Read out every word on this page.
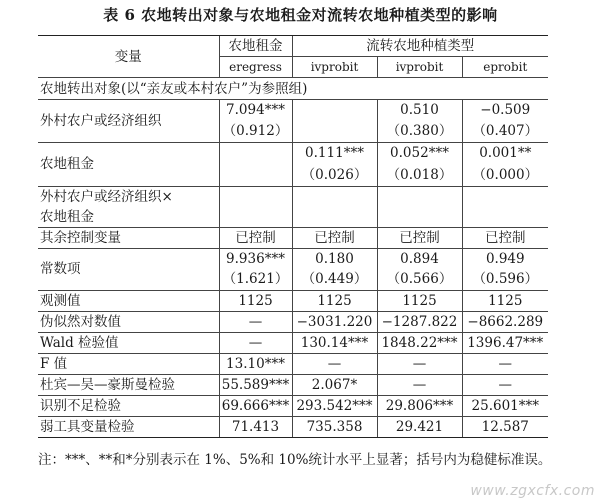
表 6 农地转出对象与农地租金对流转农地种植类型的影响
变量	农地租金	流转农地种植类型		
	eregress	ivprobit	ivprobit	eprobit
农地转出对象(以“亲友或本村农户”为参照组)				
外村农户或经济组织	7.094***		0.510	−0.509
	（0.912）		（0.380）	（0.407）
农地租金		0.111***	0.052***	0.001**
		（0.026）	（0.018）	（0.000）
外村农户或经济组织×				
农地租金				
其余控制变量	已控制	已控制	已控制	已控制
常数项	9.936***	0.180	0.894	0.949
	（1.621）	（0.449）	（0.566）	（0.596）
观测值	1125	1125	1125	1125
伪似然对数值	—	−3031.220	−1287.822	−8662.289
Wald 检验值	—	130.14***	1848.22***	1396.47***
F 值	13.10***	—	—	—
杜宾—吴—豪斯曼检验	55.589***	2.067*	—	—
识别不足检验	69.666***	293.542***	29.806***	25.601***
弱工具变量检验	71.413	735.358	29.421	12.587
注：***、**和*分别表示在 1%、5%和 10%统计水平上显著；括号内为稳健标准误。
www.zgxcfx.com
